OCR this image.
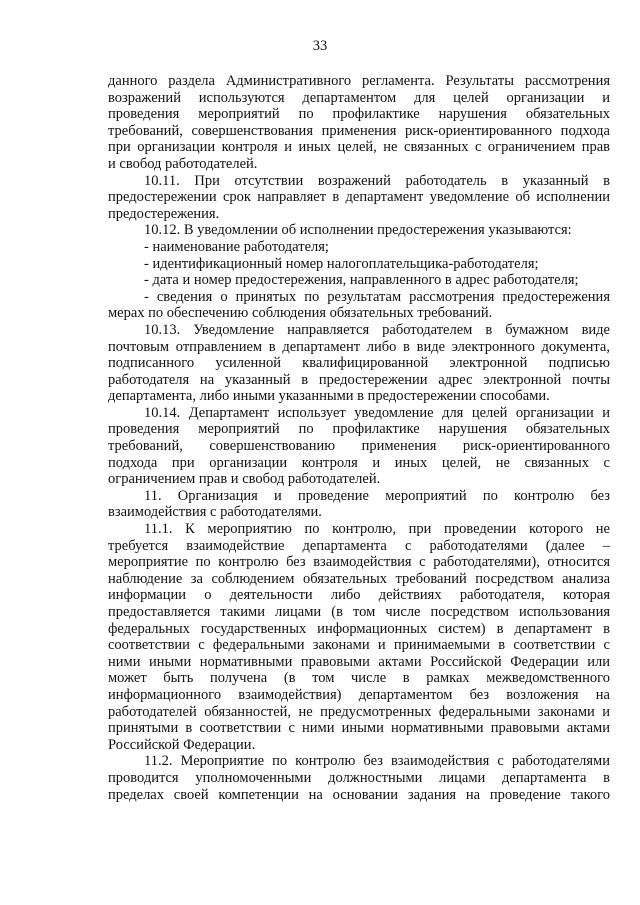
33

данного раздела Административного регламента. Результаты рассмотрения

возражений используются департаментом для целей организации и

проведения мероприятий по профилактике нарушения обязательных

требований, совершенствования применения риск-ориентированного подхода

при организации контроля и иных целей, не связанных с ограничением прав

и свобод работодателей.

10.11. При отсутствии возражений работодатель в указанный в

предостережении срок направляет в департамент уведомление об исполнении

предостережения.

10.12. В уведомлении об исполнении предостережения указываются:

- наименование работодателя;

- идентификационный номер налогоплательщика-работодателя;

- дата и номер предостережения, направленного в адрес работодателя;

- сведения о принятых по результатам рассмотрения предостережения

мерах по обеспечению соблюдения обязательных требований.

10.13. Уведомление направляется работодателем в бумажном виде

почтовым отправлением в департамент либо в виде электронного документа,

подписанного усиленной квалифицированной электронной подписью

работодателя на указанный в предостережении адрес электронной почты

департамента, либо иными указанными в предостережении способами.

10.14. Департамент использует уведомление для целей организации и

проведения мероприятий по профилактике нарушения обязательных

требований, совершенствованию применения риск-ориентированного

подхода при организации контроля и иных целей, не связанных с

ограничением прав и свобод работодателей.

11. Организация и проведение мероприятий по контролю без

взаимодействия с работодателями.

11.1. К мероприятию по контролю, при проведении которого не

требуется взаимодействие департамента с работодателями (далее –

мероприятие по контролю без взаимодействия с работодателями), относится

наблюдение за соблюдением обязательных требований посредством анализа

информации о деятельности либо действиях работодателя, которая

предоставляется такими лицами (в том числе посредством использования

федеральных государственных информационных систем) в департамент в

соответствии с федеральными законами и принимаемыми в соответствии с

ними иными нормативными правовыми актами Российской Федерации или

может быть получена (в том числе в рамках межведомственного

информационного взаимодействия) департаментом без возложения на

работодателей обязанностей, не предусмотренных федеральными законами и

принятыми в соответствии с ними иными нормативными правовыми актами

Российской Федерации.

11.2. Мероприятие по контролю без взаимодействия с работодателями

проводится уполномоченными должностными лицами департамента в

пределах своей компетенции на основании задания на проведение такого
